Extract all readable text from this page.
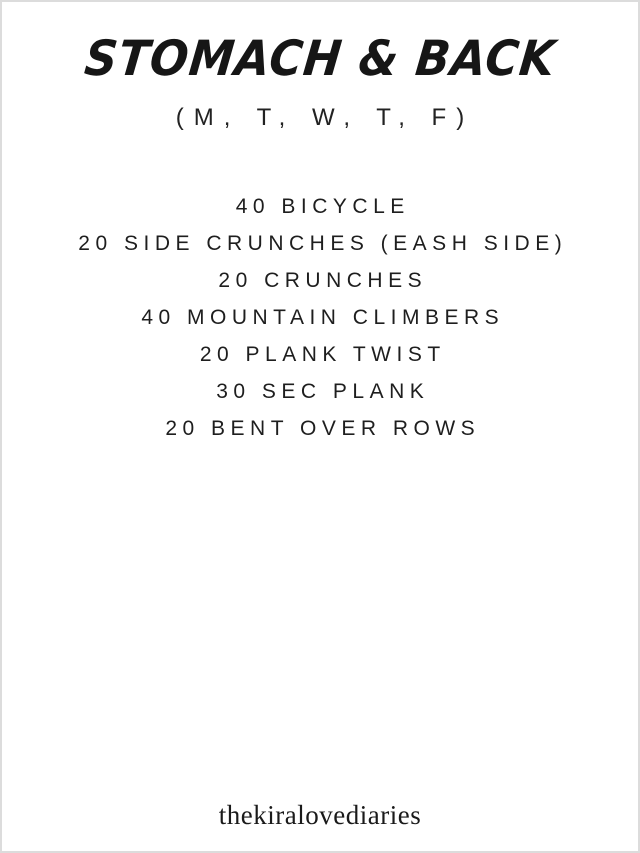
STOMACH & BACK
(M, T, W, T, F)
40 BICYCLE
20 SIDE CRUNCHES (EASH SIDE)
20 CRUNCHES
40 MOUNTAIN CLIMBERS
20 PLANK TWIST
30 SEC PLANK
20 BENT OVER ROWS
thekiralovediaries
